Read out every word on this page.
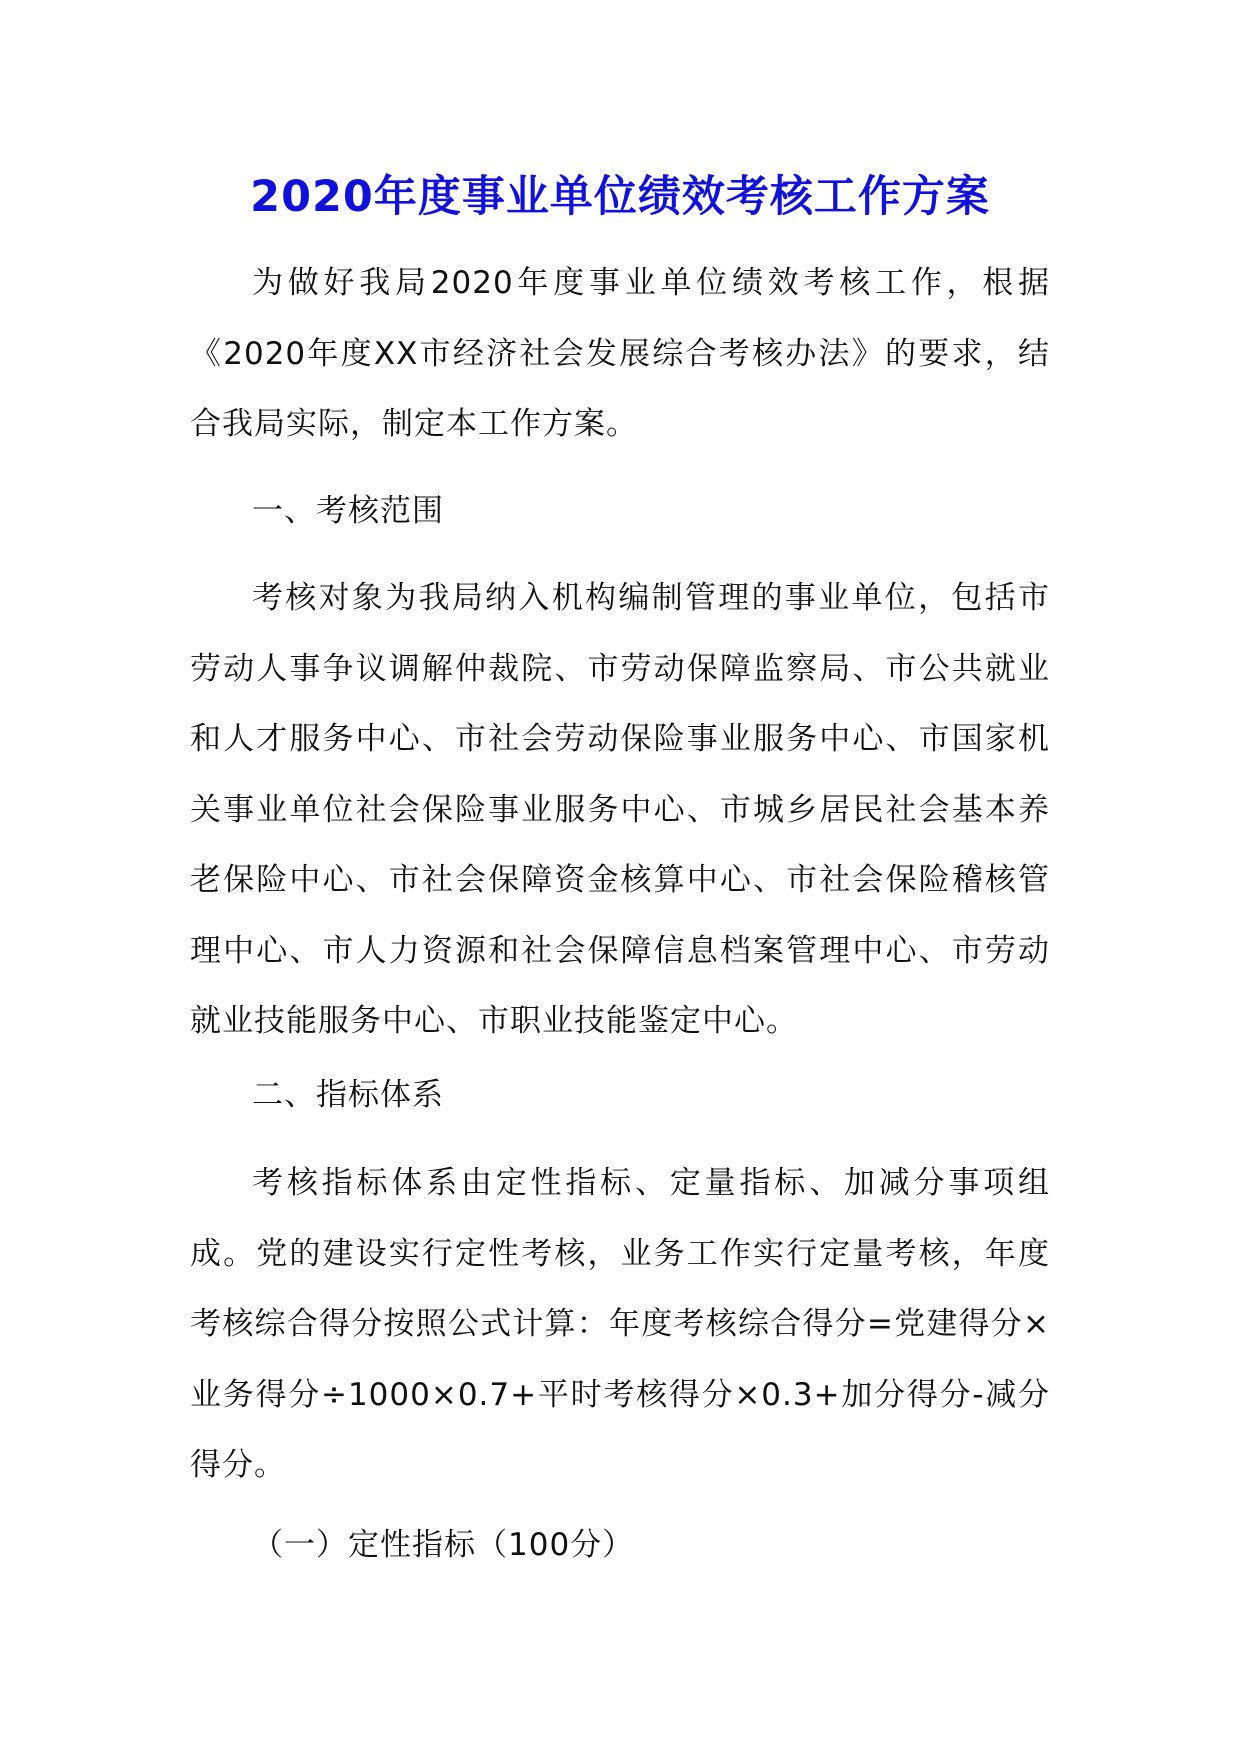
2020年度事业单位绩效考核工作方案
为做好我局2020年度事业单位绩效考核工作，根据《2020年度XX市经济社会发展综合考核办法》的要求，结合我局实际，制定本工作方案。
一、考核范围
考核对象为我局纳入机构编制管理的事业单位，包括市劳动人事争议调解仲裁院、市劳动保障监察局、市公共就业和人才服务中心、市社会劳动保险事业服务中心、市国家机关事业单位社会保险事业服务中心、市城乡居民社会基本养老保险中心、市社会保障资金核算中心、市社会保险稽核管理中心、市人力资源和社会保障信息档案管理中心、市劳动就业技能服务中心、市职业技能鉴定中心。
二、指标体系
考核指标体系由定性指标、定量指标、加减分事项组成。党的建设实行定性考核，业务工作实行定量考核，年度考核综合得分按照公式计算：年度考核综合得分=党建得分×业务得分÷1000×0.7+平时考核得分×0.3+加分得分-减分得分。
（一）定性指标（100分）
